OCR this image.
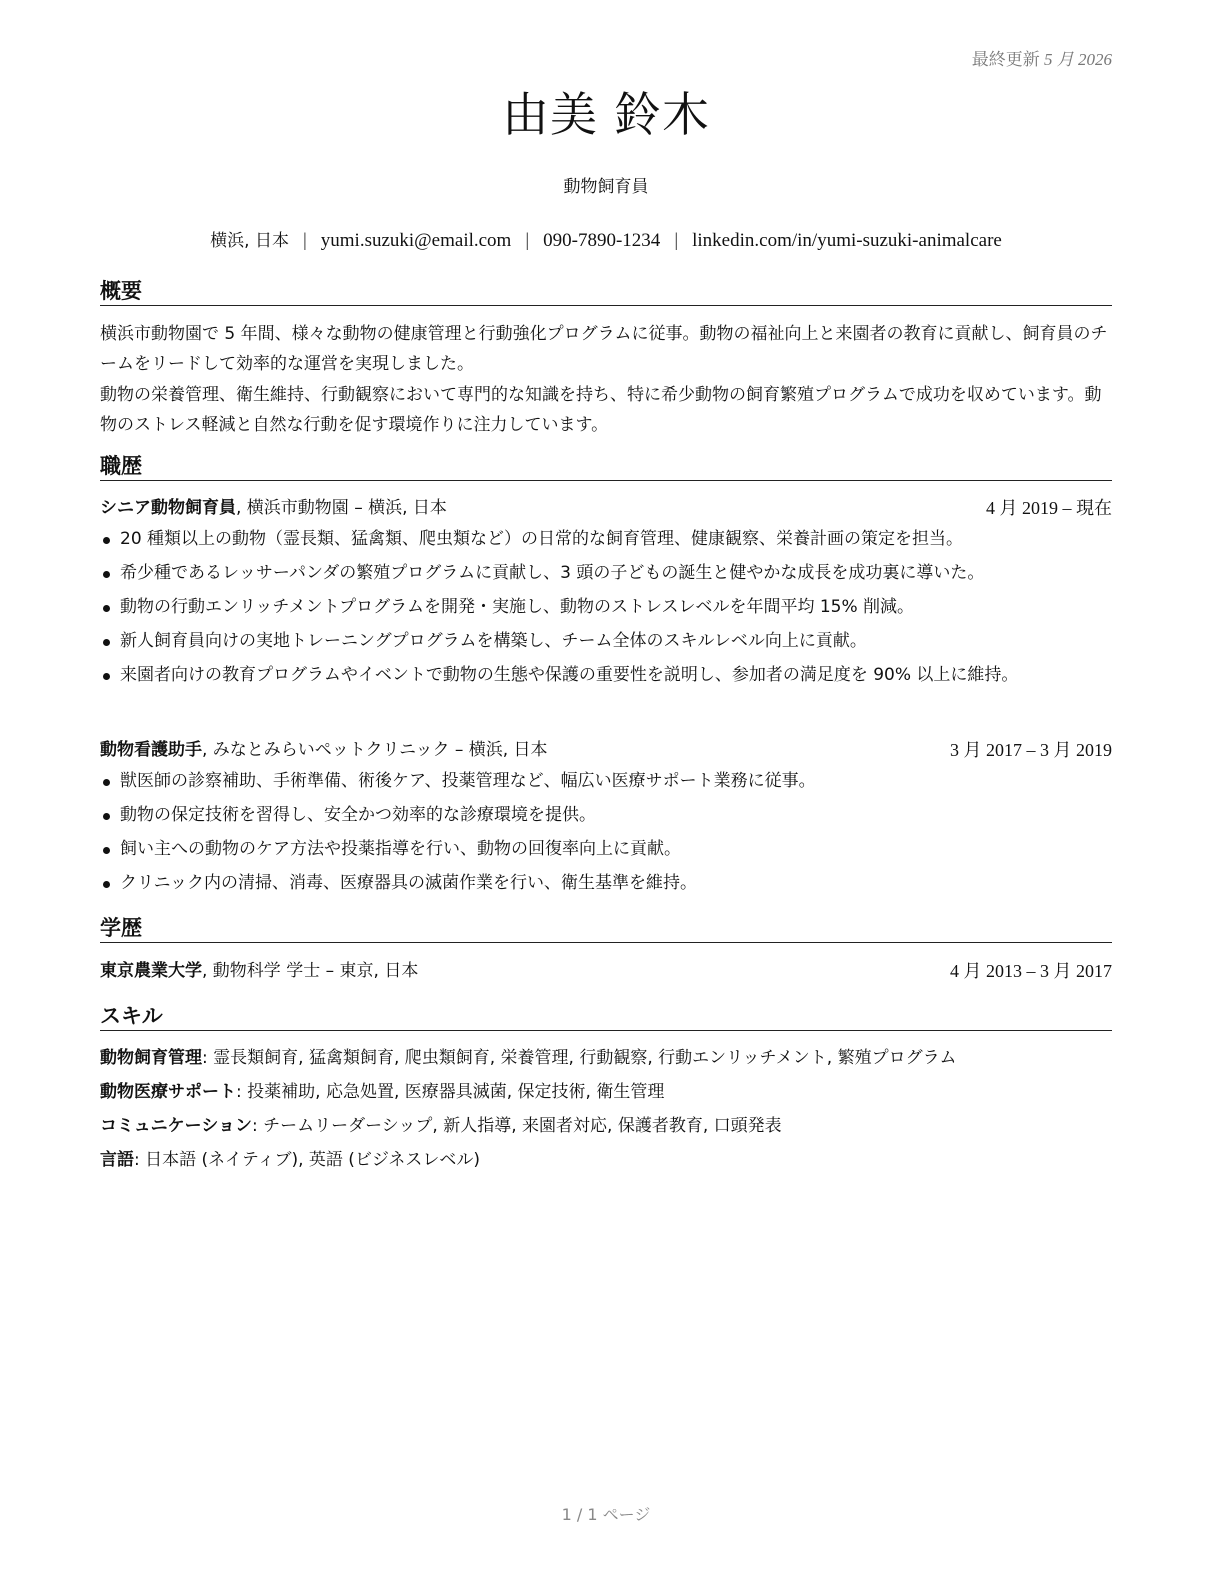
最終更新 5 月 2026
由美 鈴木
動物飼育員
横浜, 日本 | yumi.suzuki@email.com | 090-7890-1234 | linkedin.com/in/yumi-suzuki-animalcare
概要

横浜市動物園で 5 年間、様々な動物の健康管理と行動強化プログラムに従事。動物の福祉向上と来園者の教育に貢献し、飼育員のチームをリードして効率的な運営を実現しました。

動物の栄養管理、衛生維持、行動観察において専門的な知識を持ち、特に希少動物の飼育繁殖プログラムで成功を収めています。動物のストレス軽減と自然な行動を促す環境作りに注力しています。

職歴
シニア動物飼育員, 横浜市動物園 – 横浜, 日本	4 月 2019 – 現在
20 種類以上の動物（霊長類、猛禽類、爬虫類など）の日常的な飼育管理、健康観察、栄養計画の策定を担当。
希少種であるレッサーパンダの繁殖プログラムに貢献し、3 頭の子どもの誕生と健やかな成長を成功裏に導いた。
動物の行動エンリッチメントプログラムを開発・実施し、動物のストレスレベルを年間平均 15% 削減。
新人飼育員向けの実地トレーニングプログラムを構築し、チーム全体のスキルレベル向上に貢献。
来園者向けの教育プログラムやイベントで動物の生態や保護の重要性を説明し、参加者の満足度を 90% 以上に維持。
動物看護助手, みなとみらいペットクリニック – 横浜, 日本	3 月 2017 – 3 月 2019
獣医師の診察補助、手術準備、術後ケア、投薬管理など、幅広い医療サポート業務に従事。
動物の保定技術を習得し、安全かつ効率的な診療環境を提供。
飼い主への動物のケア方法や投薬指導を行い、動物の回復率向上に貢献。
クリニック内の清掃、消毒、医療器具の滅菌作業を行い、衛生基準を維持。
学歴
東京農業大学, 動物科学 学士 – 東京, 日本	4 月 2013 – 3 月 2017
スキル
動物飼育管理: 霊長類飼育, 猛禽類飼育, 爬虫類飼育, 栄養管理, 行動観察, 行動エンリッチメント, 繁殖プログラム
動物医療サポート: 投薬補助, 応急処置, 医療器具滅菌, 保定技術, 衛生管理
コミュニケーション: チームリーダーシップ, 新人指導, 来園者対応, 保護者教育, 口頭発表
言語: 日本語 (ネイティブ), 英語 (ビジネスレベル)
1 / 1 ページ
